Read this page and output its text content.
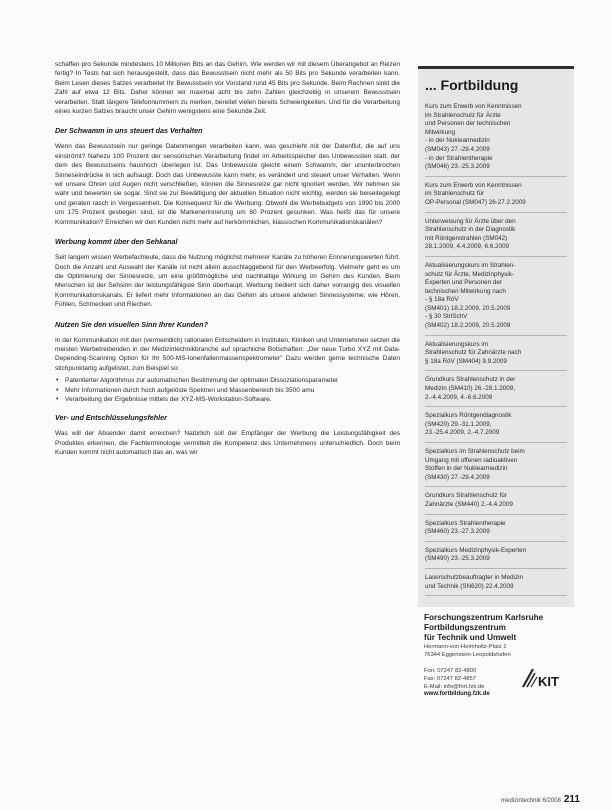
schaffen pro Sekunde mindestens 10 Millionen Bits an das Gehirn. Wie werden wir mit diesem Überangebot an Reizen fertig? In Tests hat sich herausgestellt, dass das Bewusstsein nicht mehr als 50 Bits pro Sekunde verarbeiten kann. Beim Lesen dieses Satzes verarbeitet Ihr Bewusstsein vor Vorstand rund 45 Bits pro Sekunde. Beim Rechnen sinkt die Zahl auf etwa 12 Bits. Daher können wir maximal acht bis zehn Zahlen gleichzeitig in unserem Bewusstsein verarbeiten. Statt längere Telefonnummern zu merken, bereitet vielen bereits Schwierigkeiten. Und für die Verarbeitung eines kurzen Satzes braucht unser Gehirn wenigstens eine Sekunde Zeit.

Der Schwamm in uns steuert das Verhalten

Wenn das Bewusstsein nur geringe Datenmengen verarbeiten kann, was geschieht mit der Datenflut, die auf uns einströmt? Nahezu 100 Prozent der sensorischen Verarbeitung findet im Arbeitsspeicher des Unbewussten statt, der dem des Bewusstseins haushoch überlegen ist. Das Unbewusste gleicht einem Schwamm, der ununterbrochen Sinneseindrücke in sich aufsaugt. Doch das Unbewusste kann mehr, es verändert und steuert unser Verhalten. Wenn wir unsere Ohren und Augen nicht verschließen, können die Sinnesreize gar nicht ignoriert werden. Wir nehmen sie wahr und bewerten sie sogar. Sind sie zur Bewältigung der aktuellen Situation nicht wichtig, werden sie beiseitegelegt und geraten rasch in Vergessenheit. Die Konsequenz für die Werbung: Obwohl die Werbebudgets von 1990 bis 2000 um 175 Prozent gestiegen sind, ist die Markenerinnerung um 80 Prozent gesunken. Was heißt das für unsere Kommunikation? Erreichen wir den Kunden nicht mehr auf herkömmlichen, klassischen Kommunikationskanälen?

Werbung kommt über den Sehkanal

Seit langem wissen Werbefachleute, dass die Nutzung möglichst mehrerer Kanäle zu höheren Erinnerungswerten führt. Doch die Anzahl und Auswahl der Kanäle ist nicht allein ausschlaggebend für den Werbeerfolg. Vielmehr geht es um die Optimierung der Sinnesreize, um eine größtmögliche und nachhaltige Wirkung im Gehirn des Kunden. Beim Menschen ist der Sehsinn der leistungsfähigste Sinn überhaupt. Werbung bedient sich daher vorrangig des visuellen Kommunikationskanals. Er liefert mehr Informationen an das Gehirn als unsere anderen Sinnessysteme, wie Hören, Fühlen, Schmecken und Riechen.

Nutzen Sie den visuellen Sinn Ihrer Kunden?

In der Kommunikation mit den (vermeintlich) rationalen Entscheidern in Instituten, Kliniken und Unternehmen setzen die meisten Werbetreibenden in der Medizintechnikbranche auf sprachliche Botschaften: „Der neue Turbo XYZ mit Data-Depending-Scanning Option für Ihr 500-MS-Ionenfallenmassenspektrometer" Dazu werden gerne technische Daten stichpunktartig aufgelistet, zum Beispiel so:

• Patentierter Algorithmus zur automatischen Bestimmung der optimalen Dissoziationsparameter
• Mehr Informationen durch hoch aufgelöste Spektren und Massenbereich bis 3500 amu
• Verarbeitung der Ergebnisse mittels der XYZ-MS-Workstation-Software.
Ver- und Entschlüsselungsfehler

Was will der Absender damit erreichen? Natürlich soll der Empfänger der Werbung die Leistungsfähigkeit des Produktes erkennen, die Fachterminologie vermittelt die Kompetenz des Unternehmens unterschiedlich. Doch beim Kunden kommt nicht automatisch das an, was wir

... Fortbildung
Kurs zum Erwerb von Kenntnissen
im Strahlenschutz für Ärzte
und Personen der technischen
Mitwirkung
- in der Nuklearmedizin
(SM043) 27.-29.4.2009
- in der Strahlentherapie
(SM046) 23.-25.3.2009
Kurs zum Erwerb von Kenntnissen
im Strahlenschutz für
OP-Personal (SM047) 26-27.2.2009
Unterweisung für Ärzte über den
Strahlenschutz in der Diagnostik
mit Röntgenstrahlen (SM042)
28.1.2009, 4.4.2009, 6.6.2009
Aktualisierungskurs im Strahlen-
schutz für Ärzte, Medizinphysik-
Experten und Personen der
technischen Mitwirkung nach
- § 18a RöV
(SM401) 18.2.2009, 20.5.2009
- § 30 StrlSchV
(SM402) 18.2.2009, 20.5.2009
Aktualisierungskurs im
Strahlenschutz für Zahnärzte nach
§ 18a RöV (SM404) 9.9.2009
Grundkurs Strahlenschutz in der
Medizin (SM410) 26.-28.1.2009,
2.-4.4.2009, 4.-6.6.2009
Spezialkurs Röntgendiagnostik
(SM420) 29.-31.1.2009,
23.-25.4.2009, 2.-4.7.2009
Spezialkurs im Strahlenschutz beim
Umgang mit offenen radioaktiven
Stoffen in der Nuklearmedizin
(SM430) 27.-29.4.2009
Grundkurs Strahlenschutz für
Zahnärzte (SM440) 2.-4.4.2009
Spezialkurs Strahlentherapie
(SM460) 23.-27.3.2009
Spezialkurs Medizinphysik-Experten
(SM490) 23.-25.3.2009
Laserschutzbeauftragter in Medizin
und Technik (SN620) 22.4.2009
Forschungszentrum Karlsruhe
Fortbildungszentrum
für Technik und Umwelt
Hermann-von-Helmholtz-Platz 1
76344 Eggenstein-Leopoldshafen
Fon: 07247 82-4800
Fax: 07247 82-4857
E-Mail: info@fort.fzk.de
www.fortbildung.fzk.de
KIT
medizintechnik 6/2008 211
